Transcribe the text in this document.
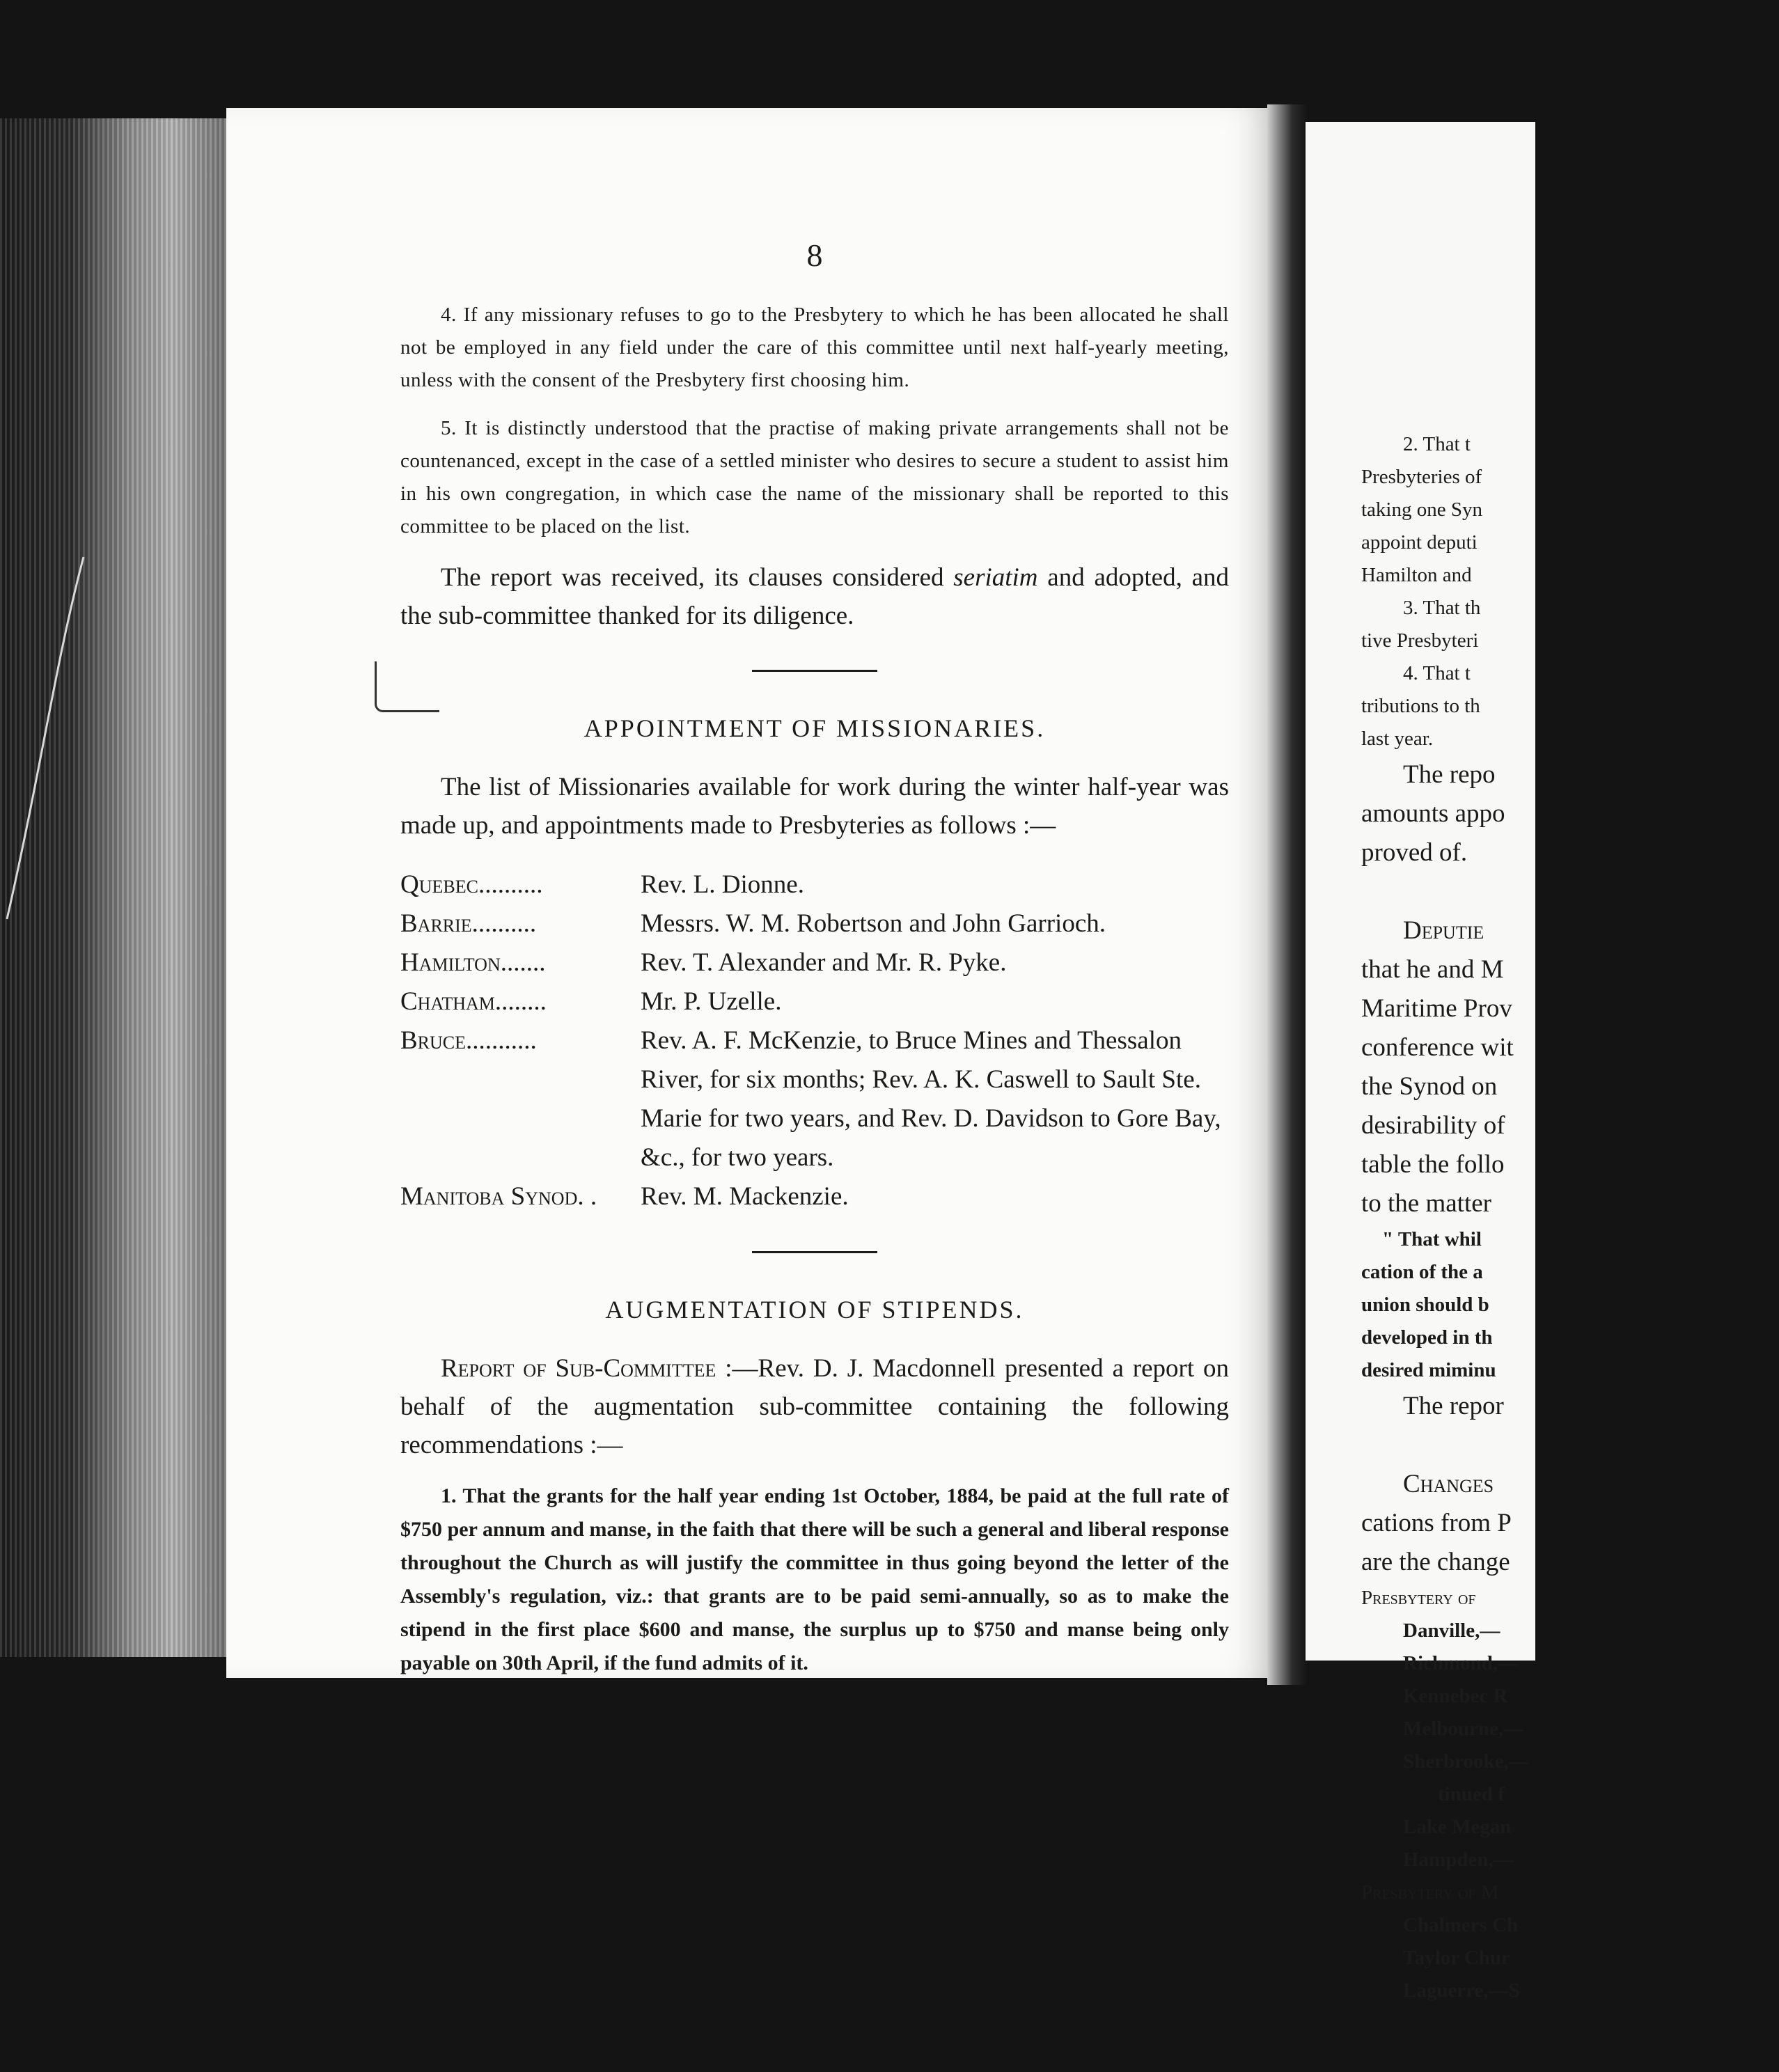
2. That t
Presbyteries of
taking one Syn
appoint deputi
Hamilton and
3. That th
tive Presbyteri
4. That t
tributions to th
last year.
The repo
amounts appo
proved of.
Deputie
that he and M
Maritime Prov
conference wit
the Synod on
desirability of
table the follo
to the matter
" That whil
cation of the a
union should b
developed in th
desired miminu
The repor
Changes
cations from P
are the change
Presbytery of
Danville,—
Richmond,—
Kennebec R
Melbourne,—
Sherbrooke,—
tinued f
Lake Megan
Hampden,—
Presbytery of M
Chalmers Ch
Taylor Chur
Laguerre,—S
8

4. If any missionary refuses to go to the Presbytery to which he has been allocated he shall not be employed in any field under the care of this committee until next half-yearly meeting, unless with the consent of the Presbytery first choosing him.

5. It is distinctly understood that the practise of making private arrangements shall not be countenanced, except in the case of a settled minister who desires to secure a student to assist him in his own congregation, in which case the name of the missionary shall be reported to this committee to be placed on the list.

The report was received, its clauses considered seriatim and adopted, and the sub-committee thanked for its diligence.

APPOINTMENT OF MISSIONARIES.

The list of Missionaries available for work during the winter half-year was made up, and appointments made to Presbyteries as follows :—

Quebec..........	Rev. L. Dionne.
Barrie..........	Messrs. W. M. Robertson and John Garrioch.
Hamilton.......	Rev. T. Alexander and Mr. R. Pyke.
Chatham........	Mr. P. Uzelle.
Bruce...........	Rev. A. F. McKenzie, to Bruce Mines and Thessalon River, for six months; Rev. A. K. Caswell to Sault Ste. Marie for two years, and Rev. D. Davidson to Gore Bay, &c., for two years.
Manitoba Synod. .	Rev. M. Mackenzie.
AUGMENTATION OF STIPENDS.

Report of Sub-Committee :—Rev. D. J. Macdonnell presented a report on behalf of the augmentation sub-committee containing the following recommendations :—

1. That the grants for the half year ending 1st October, 1884, be paid at the full rate of $750 per annum and manse, in the faith that there will be such a general and liberal response throughout the Church as will justify the committee in thus going beyond the letter of the Assembly's regulation, viz.: that grants are to be paid semi-annually, so as to make the stipend in the first place $600 and manse, the surplus up to $750 and manse being only payable on 30th April, if the fund admits of it.
